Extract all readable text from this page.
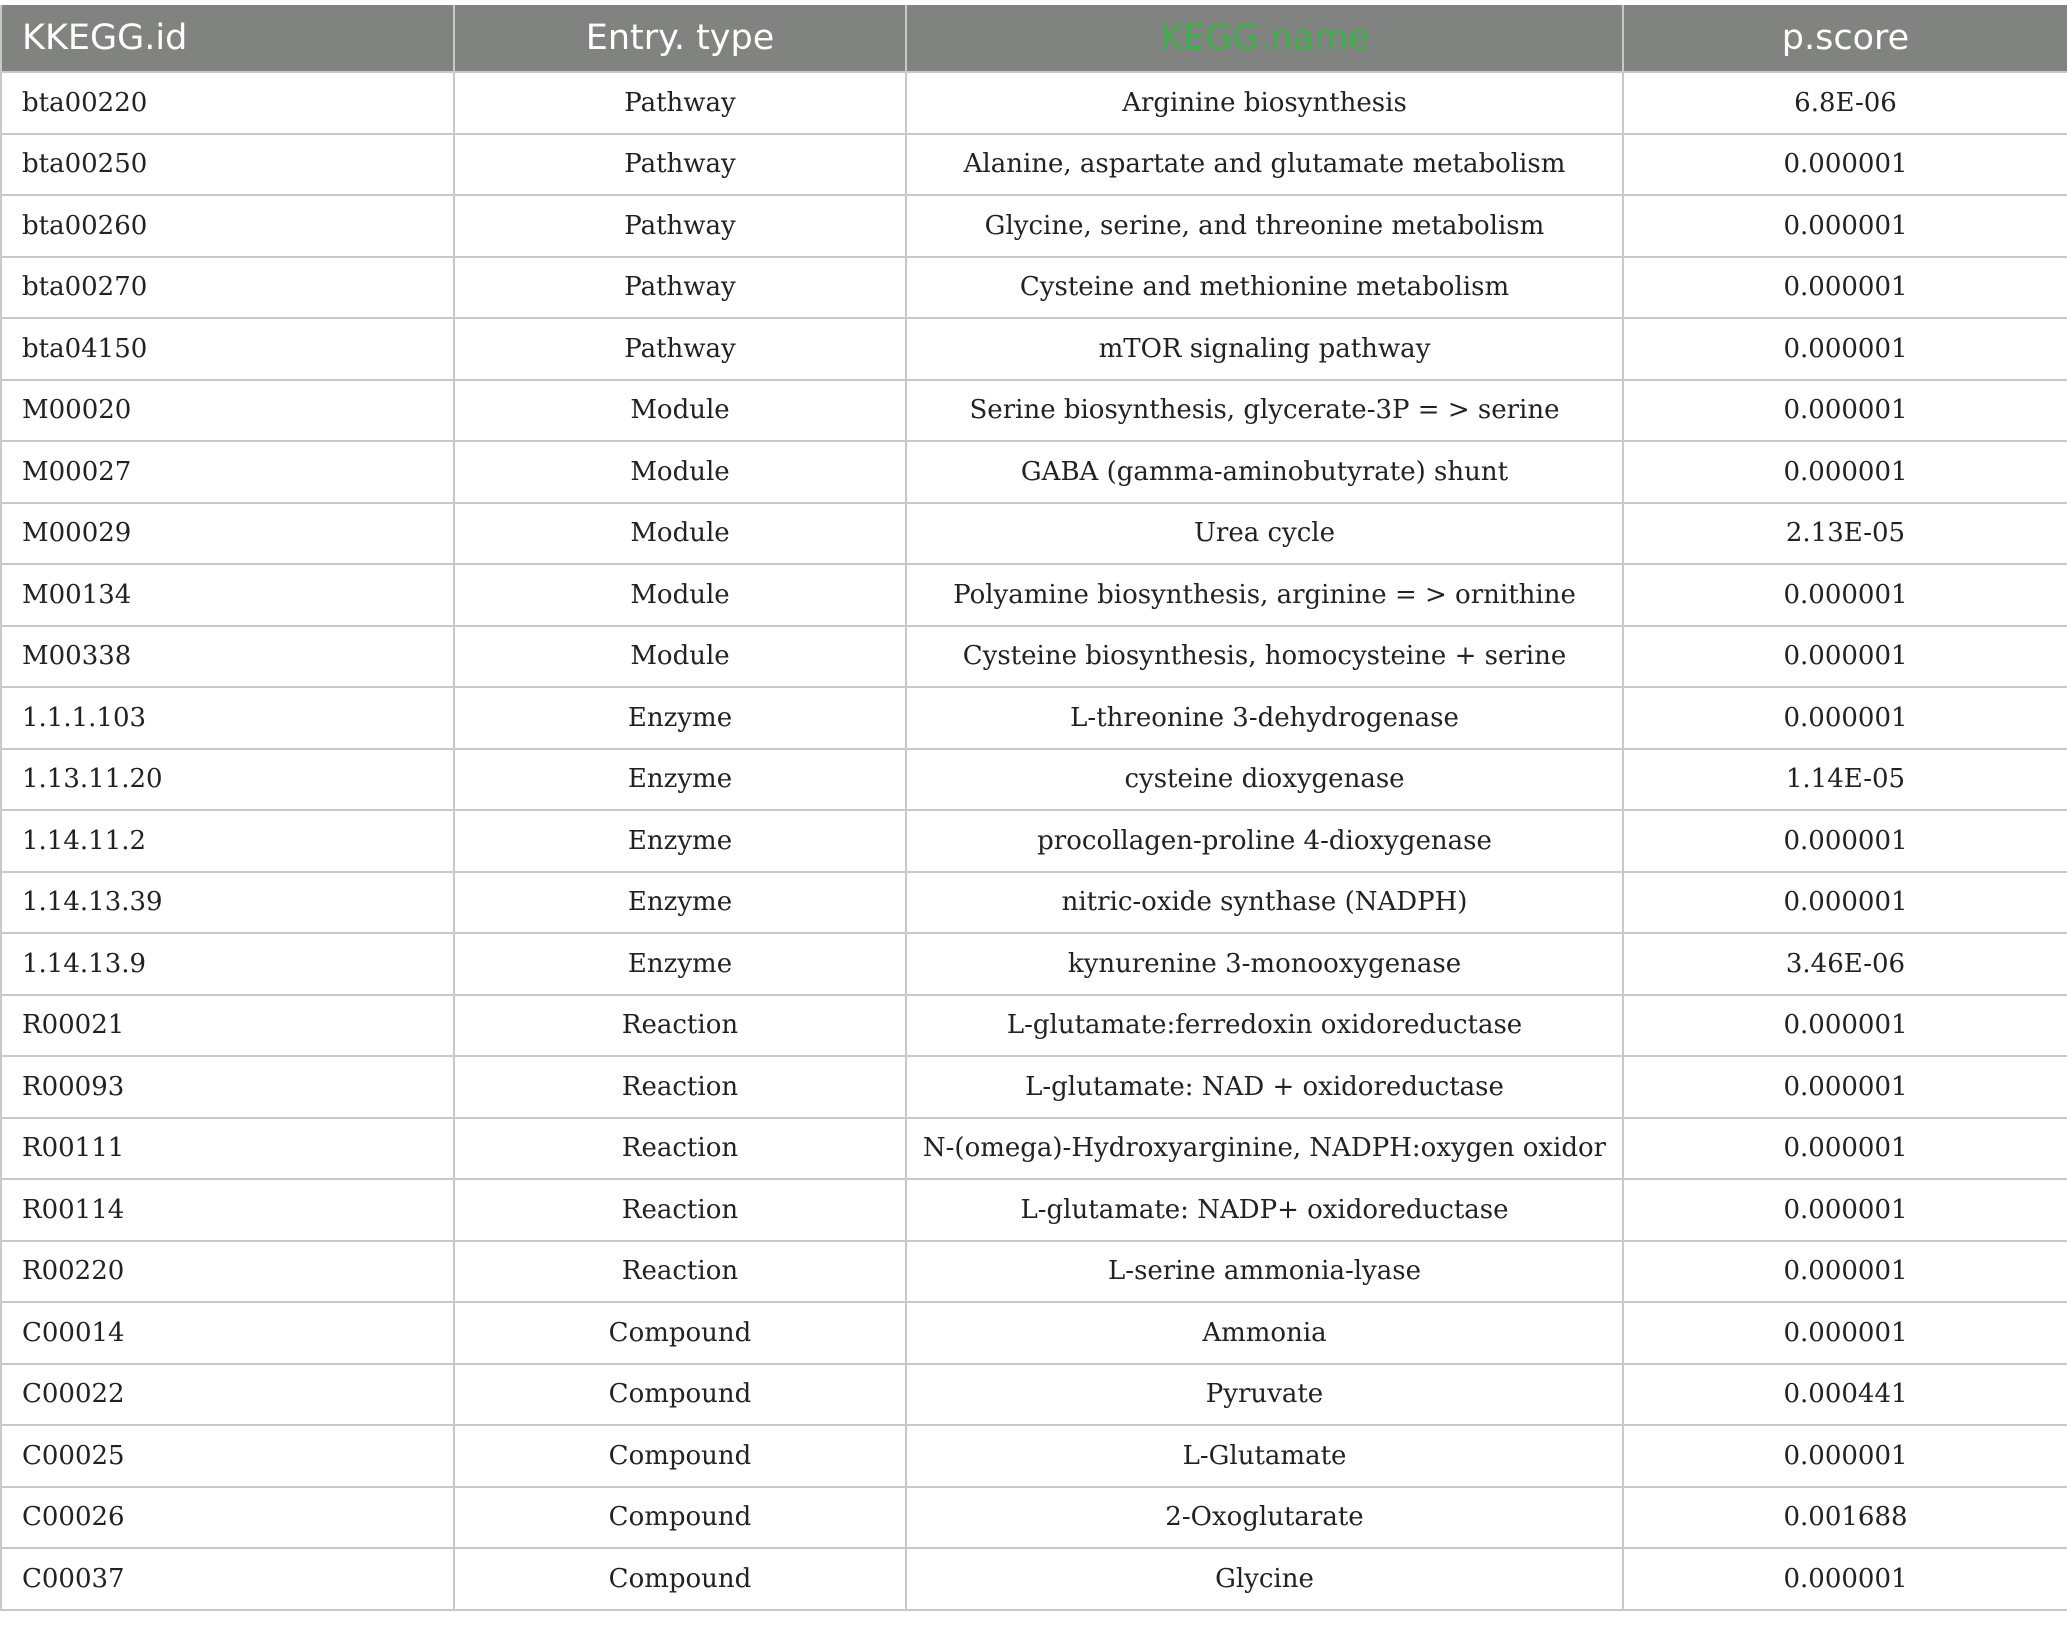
KKEGG.id	Entry. type	KEGG.name	p.score
bta00220	Pathway	Arginine biosynthesis	6.8E-06
bta00250	Pathway	Alanine, aspartate and glutamate metabolism	0.000001
bta00260	Pathway	Glycine, serine, and threonine metabolism	0.000001
bta00270	Pathway	Cysteine and methionine metabolism	0.000001
bta04150	Pathway	mTOR signaling pathway	0.000001
M00020	Module	Serine biosynthesis, glycerate-3P = > serine	0.000001
M00027	Module	GABA (gamma-aminobutyrate) shunt	0.000001
M00029	Module	Urea cycle	2.13E-05
M00134	Module	Polyamine biosynthesis, arginine = > ornithine	0.000001
M00338	Module	Cysteine biosynthesis, homocysteine + serine	0.000001
1.1.1.103	Enzyme	L-threonine 3-dehydrogenase	0.000001
1.13.11.20	Enzyme	cysteine dioxygenase	1.14E-05
1.14.11.2	Enzyme	procollagen-proline 4-dioxygenase	0.000001
1.14.13.39	Enzyme	nitric-oxide synthase (NADPH)	0.000001
1.14.13.9	Enzyme	kynurenine 3-monooxygenase	3.46E-06
R00021	Reaction	L-glutamate:ferredoxin oxidoreductase	0.000001
R00093	Reaction	L-glutamate: NAD + oxidoreductase	0.000001
R00111	Reaction	N-(omega)-Hydroxyarginine, NADPH:oxygen oxidor	0.000001
R00114	Reaction	L-glutamate: NADP+ oxidoreductase	0.000001
R00220	Reaction	L-serine ammonia-lyase	0.000001
C00014	Compound	Ammonia	0.000001
C00022	Compound	Pyruvate	0.000441
C00025	Compound	L-Glutamate	0.000001
C00026	Compound	2-Oxoglutarate	0.001688
C00037	Compound	Glycine	0.000001
